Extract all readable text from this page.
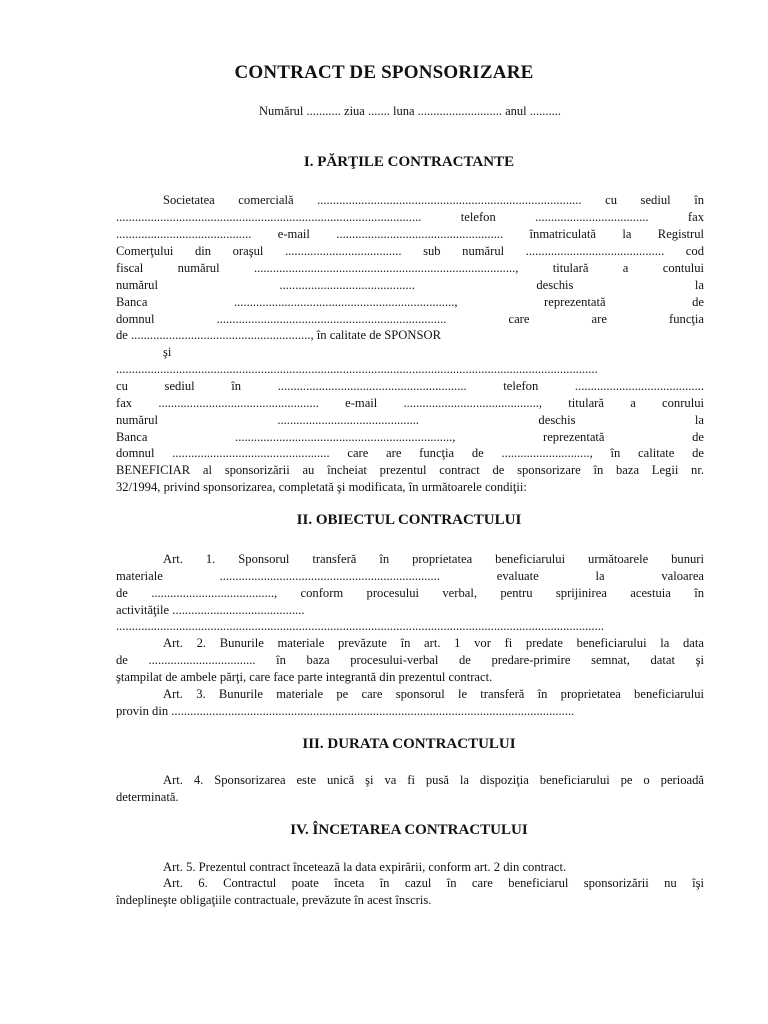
CONTRACT DE SPONSORIZARE
Numărul ........... ziua ....... luna ........................... anul ..........
I. PĂRŢILE CONTRACTANTE
Societatea comercială .................................................................................... cu sediul în
................................................................................................. telefon .................................... fax
........................................... e-mail ..................................................... înmatriculată la Registrul
Comerţului din oraşul ..................................... sub numărul ............................................ cod
fiscal numărul ..................................................................................., titulară a contului
numărul ........................................... deschis la
Banca ......................................................................, reprezentată de
domnul ......................................................................... care are funcţia
de ........................................................., în calitate de SPONSOR
şi
.........................................................................................................................................................
cu sediul în ............................................................ telefon .........................................
fax ................................................... e-mail ..........................................., titulară a conrului
numărul ............................................. deschis la
Banca ....................................................................., reprezentată de
domnul .................................................. care are funcţia de ............................, în calitate de
BENEFICIAR al sponsorizării au încheiat prezentul contract de sponsorizare în baza Legii nr.
32/1994, privind sponsorizarea, completată şi modificata, în următoarele condiţii:
II. OBIECTUL CONTRACTULUI
Art. 1. Sponsorul transferă în proprietatea beneficiarului următoarele bunuri
materiale ...................................................................... evaluate la valoarea
de ......................................., conform procesului verbal, pentru sprijinirea acestuia în
activităţile ..........................................
...........................................................................................................................................................
Art. 2. Bunurile materiale prevăzute în art. 1 vor fi predate beneficiarului la data
de .................................. în baza procesului-verbal de predare-primire semnat, datat şi
ştampilat de ambele părţi, care face parte integrantă din prezentul contract.
Art. 3. Bunurile materiale pe care sponsorul le transferă în proprietatea beneficiarului
provin din ................................................................................................................................
III. DURATA CONTRACTULUI
Art. 4. Sponsorizarea este unică şi va fi pusă la dispoziţia beneficiarului pe o perioadă
determinată.
IV. ÎNCETAREA CONTRACTULUI
Art. 5. Prezentul contract încetează la data expirării, conform art. 2 din contract.
Art. 6. Contractul poate înceta în cazul în care beneficiarul sponsorizării nu îşi
îndeplineşte obligaţiile contractuale, prevăzute în acest înscris.
